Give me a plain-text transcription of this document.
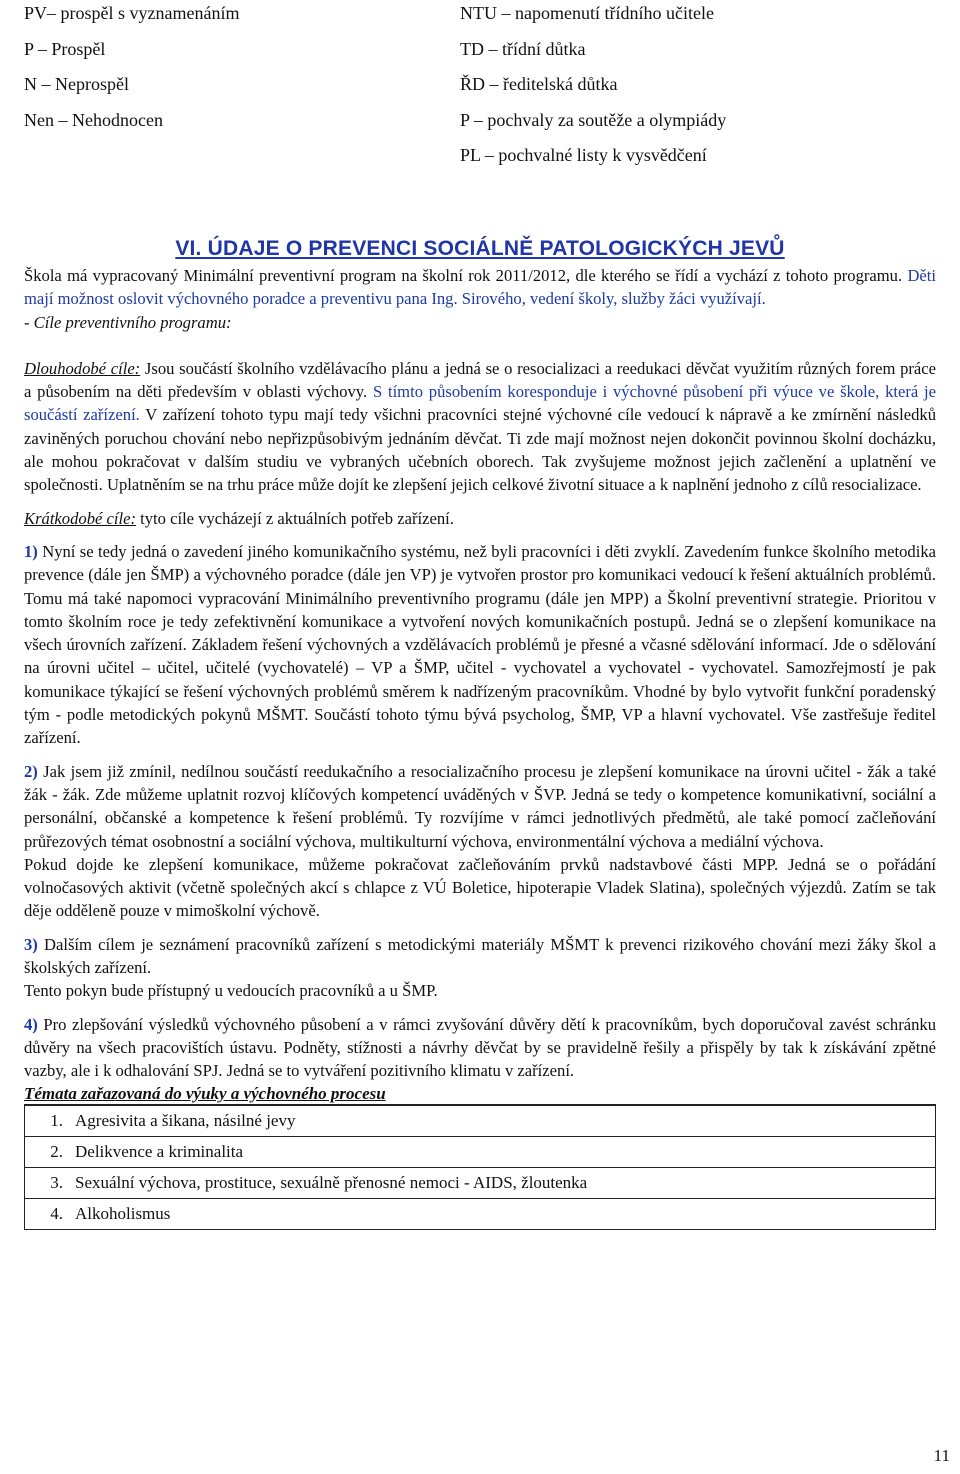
PV– prospěl s vyznamenáním
P – Prospěl
N – Neprospěl
Nen – Nehodnocen
NTU – napomenutí třídního učitele
TD – třídní důtka
ŘD – ředitelská důtka
P – pochvaly za soutěže a olympiády
PL – pochvalné listy k vysvědčení
VI. ÚDAJE O PREVENCI SOCIÁLNĚ PATOLOGICKÝCH JEVŮ

Škola má vypracovaný Minimální preventivní program na školní rok 2011/2012, dle kterého se řídí a vychází z tohoto programu. Děti mají možnost oslovit výchovného poradce a preventivu pana Ing. Sirového, vedení školy, služby žáci využívají.

- Cíle preventivního programu:

Dlouhodobé cíle: Jsou součástí školního vzdělávacího plánu a jedná se o resocializaci a reedukaci děvčat využitím různých forem práce a působením na děti především v oblasti výchovy. S tímto působením koresponduje i výchovné působení při výuce ve škole, která je součástí zařízení. V zařízení tohoto typu mají tedy všichni pracovníci stejné výchovné cíle vedoucí k nápravě a ke zmírnění následků zaviněných poruchou chování nebo nepřizpůsobivým jednáním děvčat. Ti zde mají možnost nejen dokončit povinnou školní docházku, ale mohou pokračovat v dalším studiu ve vybraných učebních oborech. Tak zvyšujeme možnost jejich začlenění a uplatnění ve společnosti. Uplatněním se na trhu práce může dojít ke zlepšení jejich celkové životní situace a k naplnění jednoho z cílů resocializace.

Krátkodobé cíle: tyto cíle vycházejí z aktuálních potřeb zařízení.

1) Nyní se tedy jedná o zavedení jiného komunikačního systému, než byli pracovníci i děti zvyklí. Zavedením funkce školního metodika prevence (dále jen ŠMP) a výchovného poradce (dále jen VP) je vytvořen prostor pro komunikaci vedoucí k řešení aktuálních problémů. Tomu má také napomoci vypracování Minimálního preventivního programu (dále jen MPP) a Školní preventivní strategie. Prioritou v tomto školním roce je tedy zefektivnění komunikace a vytvoření nových komunikačních postupů. Jedná se o zlepšení komunikace na všech úrovních zařízení. Základem řešení výchovných a vzdělávacích problémů je přesné a včasné sdělování informací. Jde o sdělování na úrovni učitel – učitel, učitelé (vychovatelé) – VP a ŠMP, učitel - vychovatel a vychovatel - vychovatel. Samozřejmostí je pak komunikace týkající se řešení výchovných problémů směrem k nadřízeným pracovníkům. Vhodné by bylo vytvořit funkční poradenský tým - podle metodických pokynů MŠMT. Součástí tohoto týmu bývá psycholog, ŠMP, VP a hlavní vychovatel. Vše zastřešuje ředitel zařízení.

2) Jak jsem již zmínil, nedílnou součástí reedukačního a resocializačního procesu je zlepšení komunikace na úrovni učitel - žák a také žák - žák. Zde můžeme uplatnit rozvoj klíčových kompetencí uváděných v ŠVP. Jedná se tedy o kompetence komunikativní, sociální a personální, občanské a kompetence k řešení problémů. Ty rozvíjíme v rámci jednotlivých předmětů, ale také pomocí začleňování průřezových témat osobnostní a sociální výchova, multikulturní výchova, environmentální výchova a mediální výchova.

Pokud dojde ke zlepšení komunikace, můžeme pokračovat začleňováním prvků nadstavbové části MPP. Jedná se o pořádání volnočasových aktivit (včetně společných akcí s chlapce z VÚ Boletice, hipoterapie Vladek Slatina), společných výjezdů. Zatím se tak děje odděleně pouze v mimoškolní výchově.

3) Dalším cílem je seznámení pracovníků zařízení s metodickými materiály MŠMT k prevenci rizikového chování mezi žáky škol a školských zařízení.

Tento pokyn bude přístupný u vedoucích pracovníků a u ŠMP.

4) Pro zlepšování výsledků výchovného působení a v rámci zvyšování důvěry dětí k pracovníkům, bych doporučoval zavést schránku důvěry na všech pracovištích ústavu. Podněty, stížnosti a návrhy děvčat by se pravidelně řešily a přispěly by tak k získávání zpětné vazby, ale i k odhalování SPJ. Jedná se to vytváření pozitivního klimatu v zařízení.

Témata zařazovaná do výuky a výchovného procesu

1. Agresivita a šikana, násilné jevy
2. Delikvence a kriminalita
3. Sexuální výchova, prostituce, sexuálně přenosné nemoci - AIDS, žloutenka
4. Alkoholismus
11
